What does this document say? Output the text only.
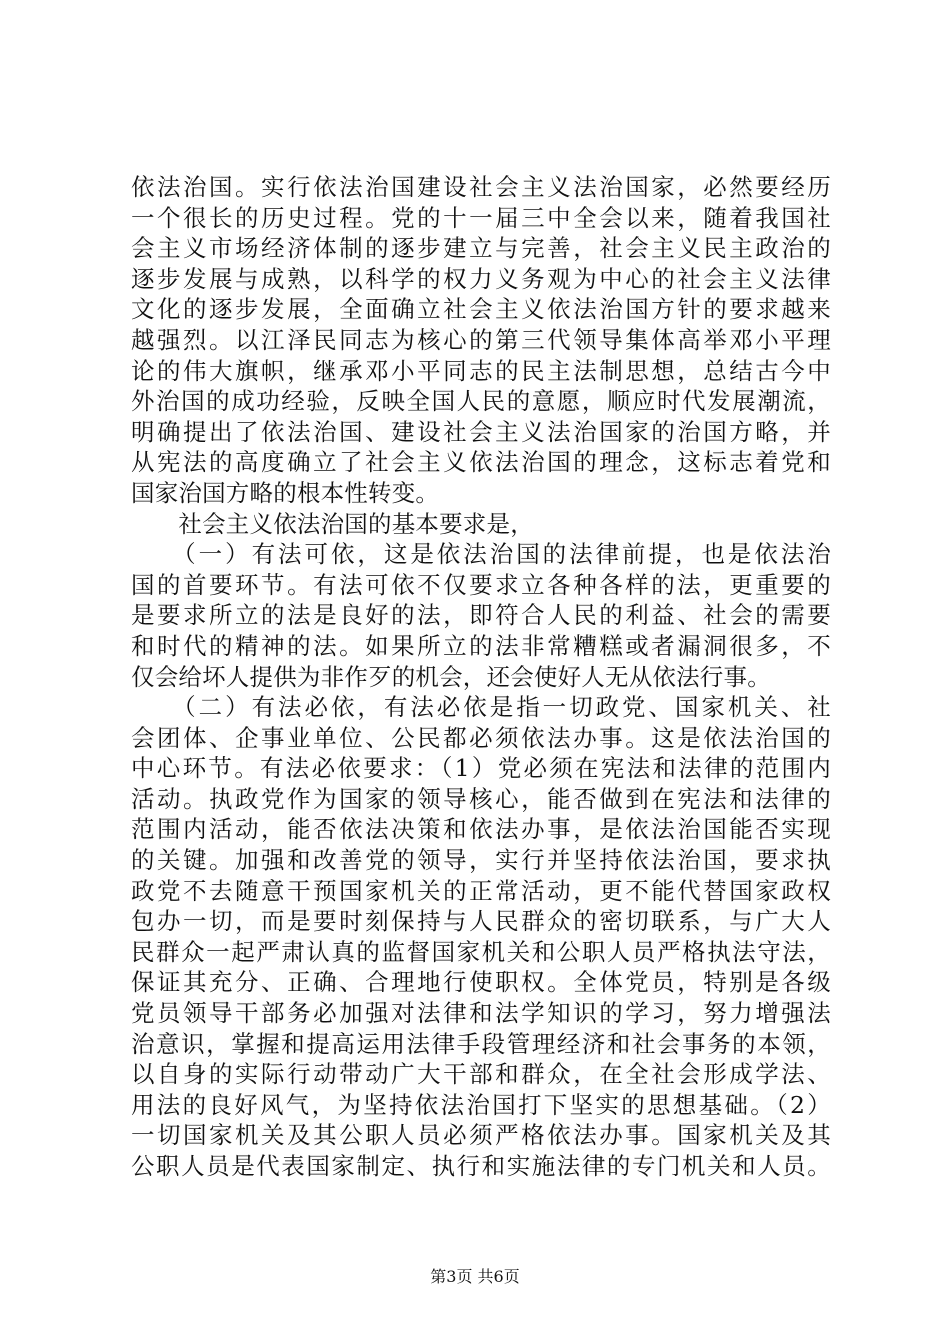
依法治国。实行依法治国建设社会主义法治国家，必然要经历
一个很长的历史过程。党的十一届三中全会以来，随着我国社
会主义市场经济体制的逐步建立与完善，社会主义民主政治的
逐步发展与成熟，以科学的权力义务观为中心的社会主义法律
文化的逐步发展，全面确立社会主义依法治国方针的要求越来
越强烈。以江泽民同志为核心的第三代领导集体高举邓小平理
论的伟大旗帜，继承邓小平同志的民主法制思想，总结古今中
外治国的成功经验，反映全国人民的意愿，顺应时代发展潮流，
明确提出了依法治国、建设社会主义法治国家的治国方略，并
从宪法的高度确立了社会主义依法治国的理念，这标志着党和
国家治国方略的根本性转变。
　　社会主义依法治国的基本要求是，
　　（一）有法可依，这是依法治国的法律前提，也是依法治
国的首要环节。有法可依不仅要求立各种各样的法，更重要的
是要求所立的法是良好的法，即符合人民的利益、社会的需要
和时代的精神的法。如果所立的法非常糟糕或者漏洞很多，不
仅会给坏人提供为非作歹的机会，还会使好人无从依法行事。
　　（二）有法必依，有法必依是指一切政党、国家机关、社
会团体、企事业单位、公民都必须依法办事。这是依法治国的
中心环节。有法必依要求：（1）党必须在宪法和法律的范围内
活动。执政党作为国家的领导核心，能否做到在宪法和法律的
范围内活动，能否依法决策和依法办事，是依法治国能否实现
的关键。加强和改善党的领导，实行并坚持依法治国，要求执
政党不去随意干预国家机关的正常活动，更不能代替国家政权
包办一切，而是要时刻保持与人民群众的密切联系，与广大人
民群众一起严肃认真的监督国家机关和公职人员严格执法守法，
保证其充分、正确、合理地行使职权。全体党员，特别是各级
党员领导干部务必加强对法律和法学知识的学习，努力增强法
治意识，掌握和提高运用法律手段管理经济和社会事务的本领，
以自身的实际行动带动广大干部和群众，在全社会形成学法、
用法的良好风气，为坚持依法治国打下坚实的思想基础。（2）
一切国家机关及其公职人员必须严格依法办事。国家机关及其
公职人员是代表国家制定、执行和实施法律的专门机关和人员。
第3页 共6页
